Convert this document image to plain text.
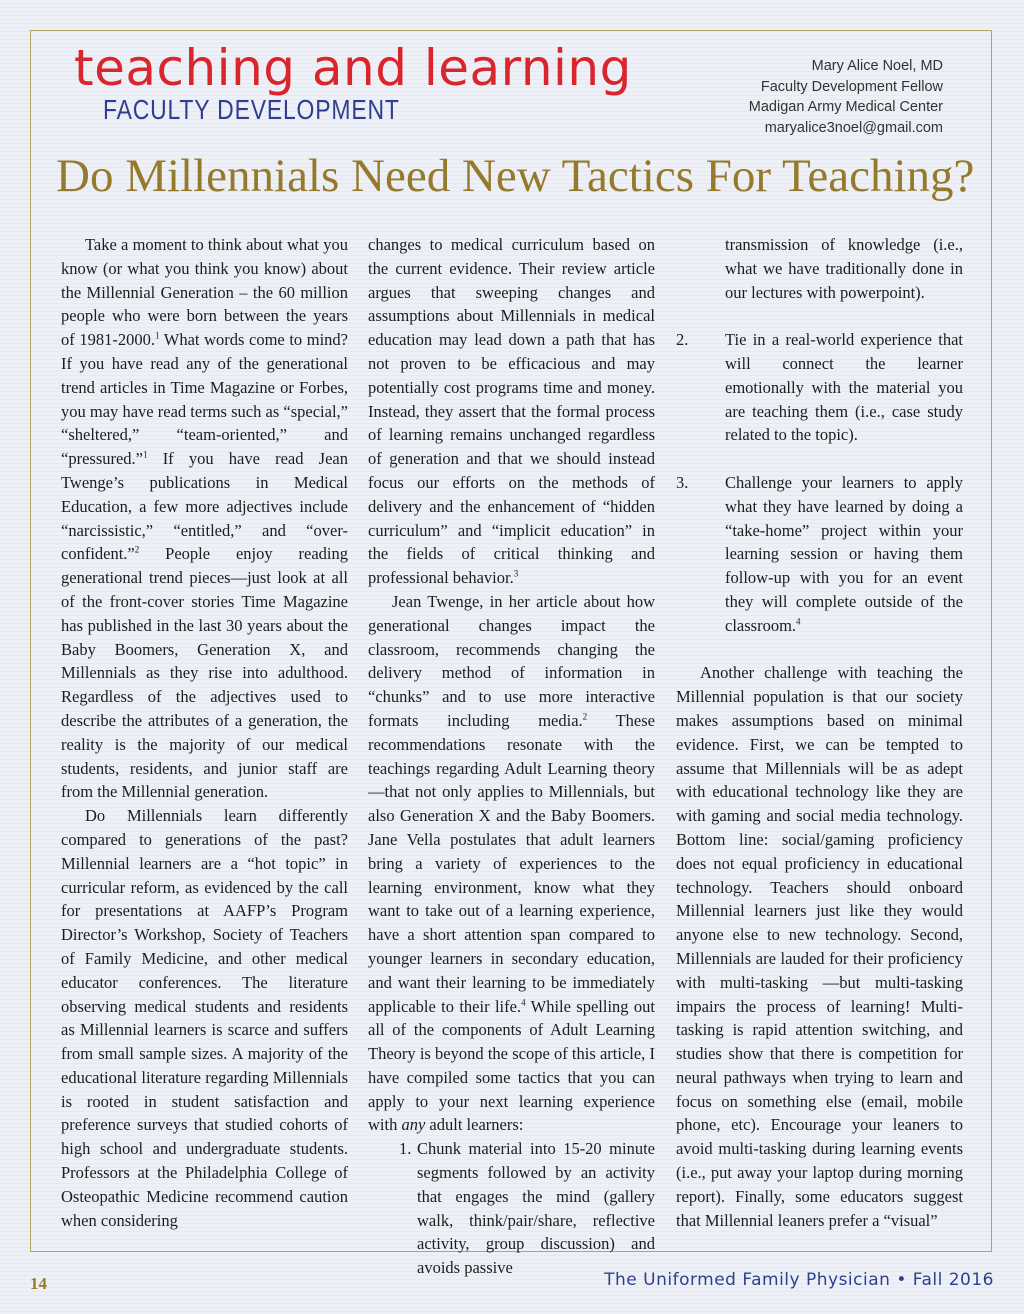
teaching and learning
FACULTY DEVELOPMENT
Mary Alice Noel, MD
Faculty Development Fellow
Madigan Army Medical Center
maryalice3noel@gmail.com
Do Millennials Need New Tactics For Teaching?

Take a moment to think about what you know (or what you think you know) about the Millennial Generation – the 60 million people who were born between the years of 1981-2000.$^1$ What words come to mind? If you have read any of the generational trend articles in Time Magazine or Forbes, you may have read terms such as “special,” “sheltered,” “team-oriented,” and “pressured.”$^1$ If you have read Jean Twenge’s publications in Medical Education, a few more adjectives include “narcissistic,” “entitled,” and “over-confident.”$^2$ People enjoy reading generational trend pieces—just look at all of the front-cover stories Time Magazine has published in the last 30 years about the Baby Boomers, Generation X, and Millennials as they rise into adulthood. Regardless of the adjectives used to describe the attributes of a generation, the reality is the majority of our medical students, residents, and junior staff are from the Millennial generation.

Do Millennials learn differently compared to generations of the past? Millennial learners are a “hot topic” in curricular reform, as evidenced by the call for presentations at AAFP’s Program Director’s Workshop, Society of Teachers of Family Medicine, and other medical educator conferences. The literature observing medical students and residents as Millennial learners is scarce and suffers from small sample sizes. A majority of the educational literature regarding Millennials is rooted in student satisfaction and preference surveys that studied cohorts of high school and undergraduate students. Professors at the Philadelphia College of Osteopathic Medicine recommend caution when considering

changes to medical curriculum based on the current evidence. Their review article argues that sweeping changes and assumptions about Millennials in medical education may lead down a path that has not proven to be efficacious and may potentially cost programs time and money. Instead, they assert that the formal process of learning remains unchanged regardless of generation and that we should instead focus our efforts on the methods of delivery and the enhancement of “hidden curriculum” and “implicit education” in the fields of critical thinking and professional behavior.$^3$

Jean Twenge, in her article about how generational changes impact the classroom, recommends changing the delivery method of information in “chunks” and to use more interactive formats including media.$^2$ These recommendations resonate with the teachings regarding Adult Learning theory—that not only applies to Millennials, but also Generation X and the Baby Boomers. Jane Vella postulates that adult learners bring a variety of experiences to the learning environment, know what they want to take out of a learning experience, have a short attention span compared to younger learners in secondary education, and want their learning to be immediately applicable to their life.$^4$ While spelling out all of the components of Adult Learning Theory is beyond the scope of this article, I have compiled some tactics that you can apply to your next learning experience with any adult learners:

1. Chunk material into 15-20 minute segments followed by an activity that engages the mind (gallery walk, think/pair/share, reflective activity, group discussion) and avoids passive

transmission of knowledge (i.e., what we have traditionally done in our lectures with powerpoint).

2.	Tie in a real-world experience that will connect the learner emotionally with the material you are teaching them (i.e., case study related to the topic).
3.	Challenge your learners to apply what they have learned by doing a “take-home” project within your learning session or having them follow-up with you for an event they will complete outside of the classroom.$^4$

Another challenge with teaching the Millennial population is that our society makes assumptions based on minimal evidence. First, we can be tempted to assume that Millennials will be as adept with educational technology like they are with gaming and social media technology. Bottom line: social/gaming proficiency does not equal proficiency in educational technology. Teachers should onboard Millennial learners just like they would anyone else to new technology. Second, Millennials are lauded for their proficiency with multi-tasking —but multi-tasking impairs the process of learning! Multi-tasking is rapid attention switching, and studies show that there is competition for neural pathways when trying to learn and focus on something else (email, mobile phone, etc). Encourage your leaners to avoid multi-tasking during learning events (i.e., put away your laptop during morning report). Finally, some educators suggest that Millennial leaners prefer a “visual”

14	The Uniformed Family Physician • Fall 2016
